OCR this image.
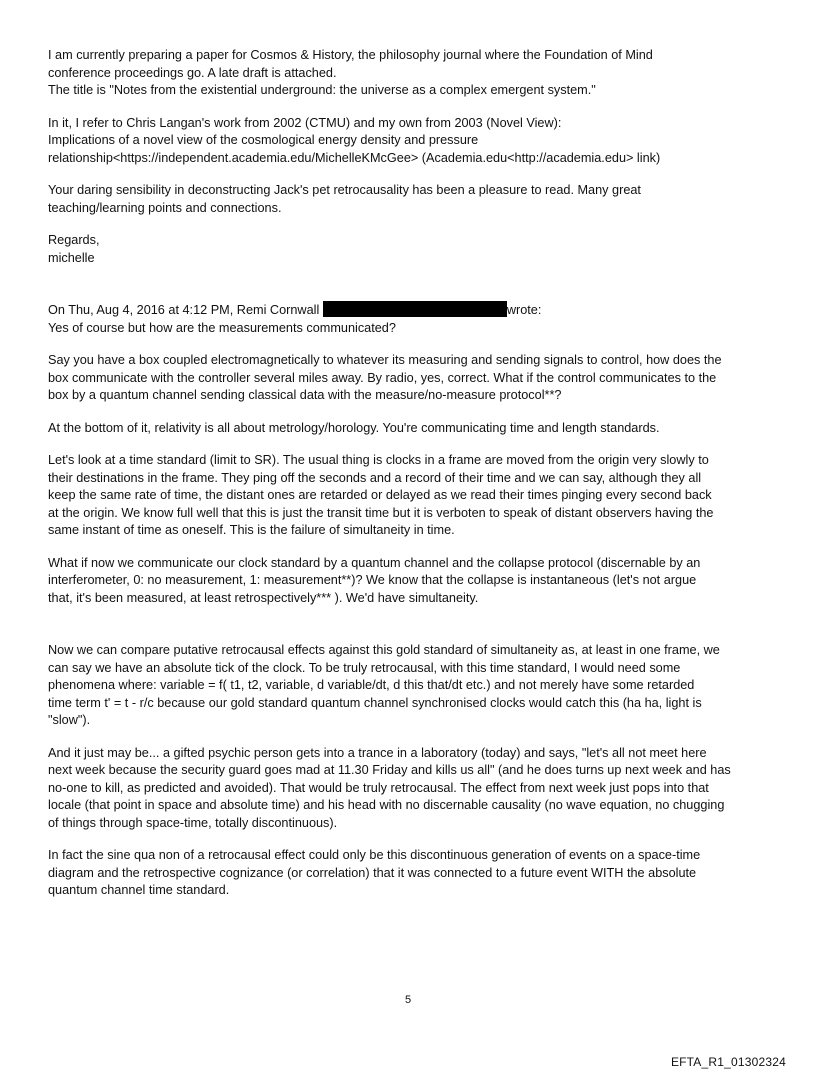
I am currently preparing a paper for Cosmos & History, the philosophy journal where the Foundation of Mind
conference proceedings go. A late draft is attached.
The title is "Notes from the existential underground: the universe as a complex emergent system."

In it, I refer to Chris Langan's work from 2002 (CTMU) and my own from 2003 (Novel View):
Implications of a novel view of the cosmological energy density and pressure
relationship<https://independent.academia.edu/MichelleKMcGee> (Academia.edu<http://academia.edu> link)

Your daring sensibility in deconstructing Jack's pet retrocausality has been a pleasure to read. Many great
teaching/learning points and connections.

Regards,
michelle

On Thu, Aug 4, 2016 at 4:12 PM, Remi Cornwall	wrote:
Yes of course but how are the measurements communicated?

Say you have a box coupled electromagnetically to whatever its measuring and sending signals to control, how does the
box communicate with the controller several miles away. By radio, yes, correct. What if the control communicates to the
box by a quantum channel sending classical data with the measure/no-measure protocol**?

At the bottom of it, relativity is all about metrology/horology. You're communicating time and length standards.

Let's look at a time standard (limit to SR). The usual thing is clocks in a frame are moved from the origin very slowly to
their destinations in the frame. They ping off the seconds and a record of their time and we can say, although they all
keep the same rate of time, the distant ones are retarded or delayed as we read their times pinging every second back
at the origin. We know full well that this is just the transit time but it is verboten to speak of distant observers having the
same instant of time as oneself. This is the failure of simultaneity in time.

What if now we communicate our clock standard by a quantum channel and the collapse protocol (discernable by an
interferometer, 0: no measurement, 1: measurement**)? We know that the collapse is instantaneous (let's not argue
that, it's been measured, at least retrospectively*** ). We'd have simultaneity.

Now we can compare putative retrocausal effects against this gold standard of simultaneity as, at least in one frame, we
can say we have an absolute tick of the clock. To be truly retrocausal, with this time standard, I would need some
phenomena where: variable = f( t1, t2, variable, d variable/dt, d this that/dt etc.) and not merely have some retarded
time term t' = t - r/c because our gold standard quantum channel synchronised clocks would catch this (ha ha, light is
"slow").

And it just may be... a gifted psychic person gets into a trance in a laboratory (today) and says, "let's all not meet here
next week because the security guard goes mad at 11.30 Friday and kills us all" (and he does turns up next week and has
no-one to kill, as predicted and avoided). That would be truly retrocausal. The effect from next week just pops into that
locale (that point in space and absolute time) and his head with no discernable causality (no wave equation, no chugging
of things through space-time, totally discontinuous).

In fact the sine qua non of a retrocausal effect could only be this discontinuous generation of events on a space-time
diagram and the retrospective cognizance (or correlation) that it was connected to a future event WITH the absolute
quantum channel time standard.

5
EFTA_R1_01302324
